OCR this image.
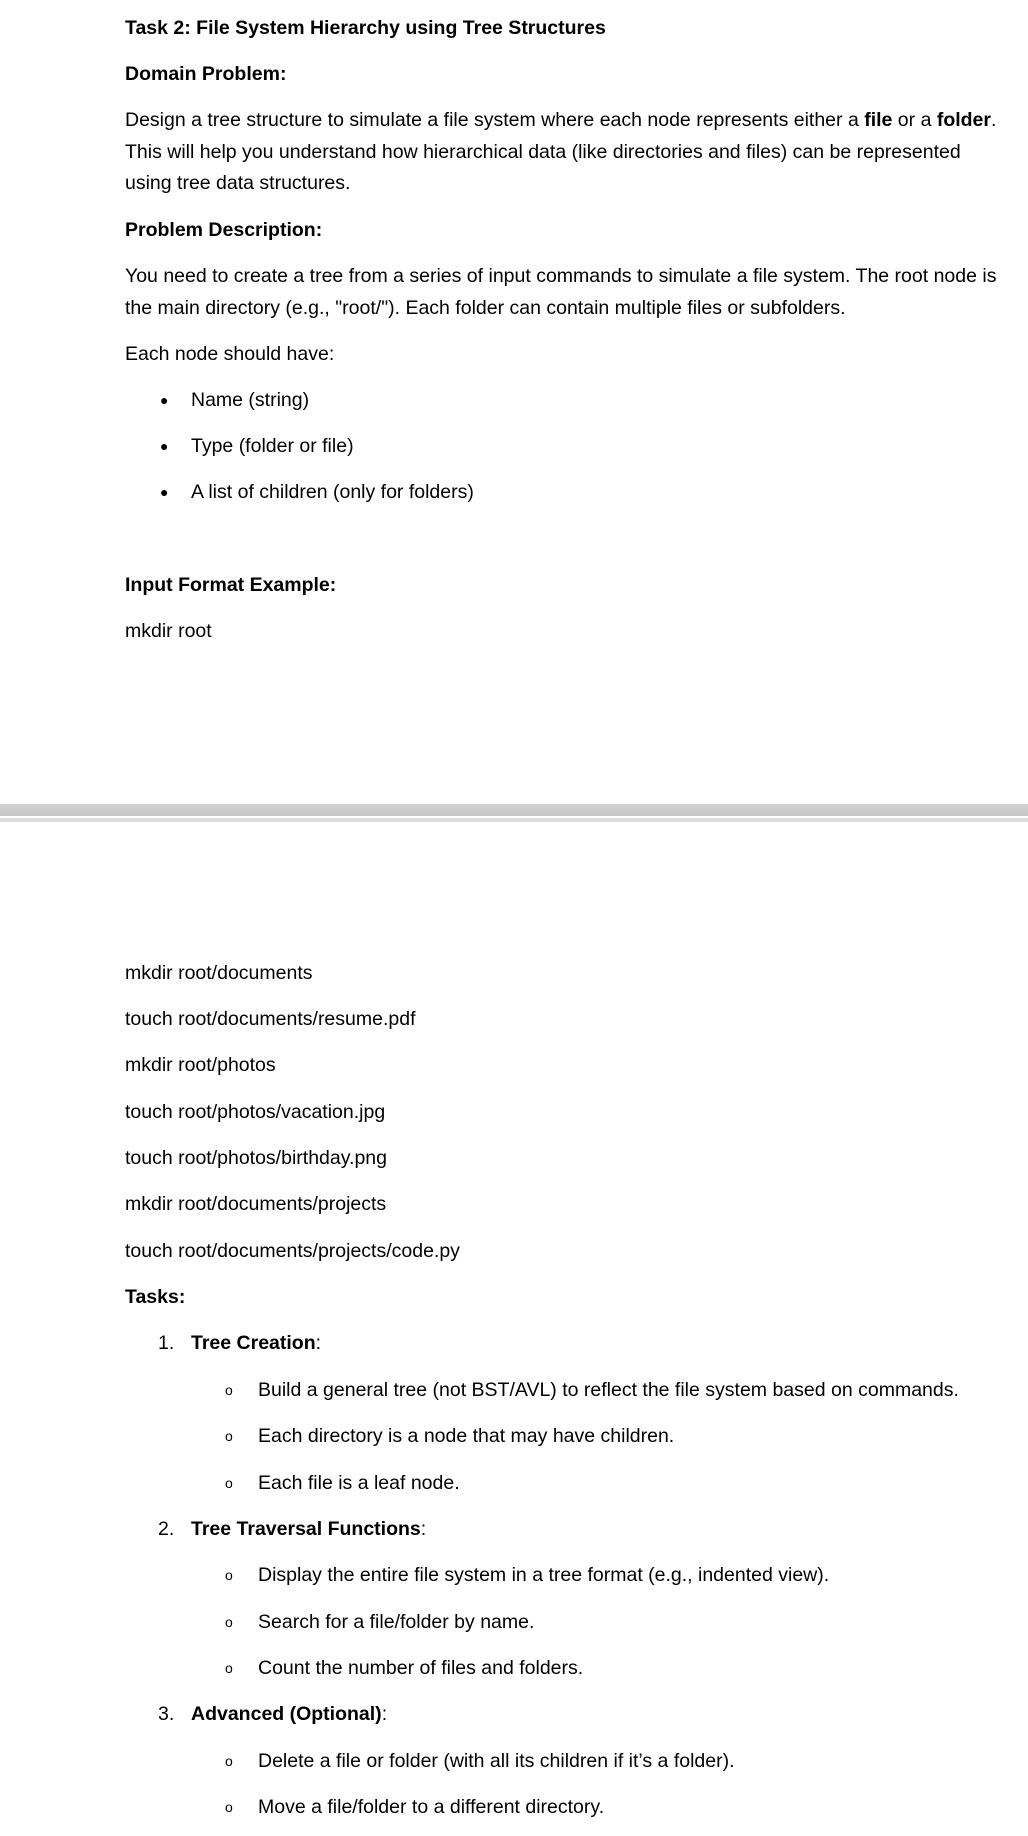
Task 2: File System Hierarchy using Tree Structures
Domain Problem:
Design a tree structure to simulate a file system where each node represents either a file or a folder. This will help you understand how hierarchical data (like directories and files) can be represented using tree data structures.
Problem Description:
You need to create a tree from a series of input commands to simulate a file system. The root node is the main directory (e.g., "root/"). Each folder can contain multiple files or subfolders.
Each node should have:
● Name (string)
● Type (folder or file)
● A list of children (only for folders)
Input Format Example:
mkdir root
mkdir root/documents
touch root/documents/resume.pdf
mkdir root/photos
touch root/photos/vacation.jpg
touch root/photos/birthday.png
mkdir root/documents/projects
touch root/documents/projects/code.py
Tasks:
1. Tree Creation:
o Build a general tree (not BST/AVL) to reflect the file system based on commands.
o Each directory is a node that may have children.
o Each file is a leaf node.
2. Tree Traversal Functions:
o Display the entire file system in a tree format (e.g., indented view).
o Search for a file/folder by name.
o Count the number of files and folders.
3. Advanced (Optional):
o Delete a file or folder (with all its children if it’s a folder).
o Move a file/folder to a different directory.
